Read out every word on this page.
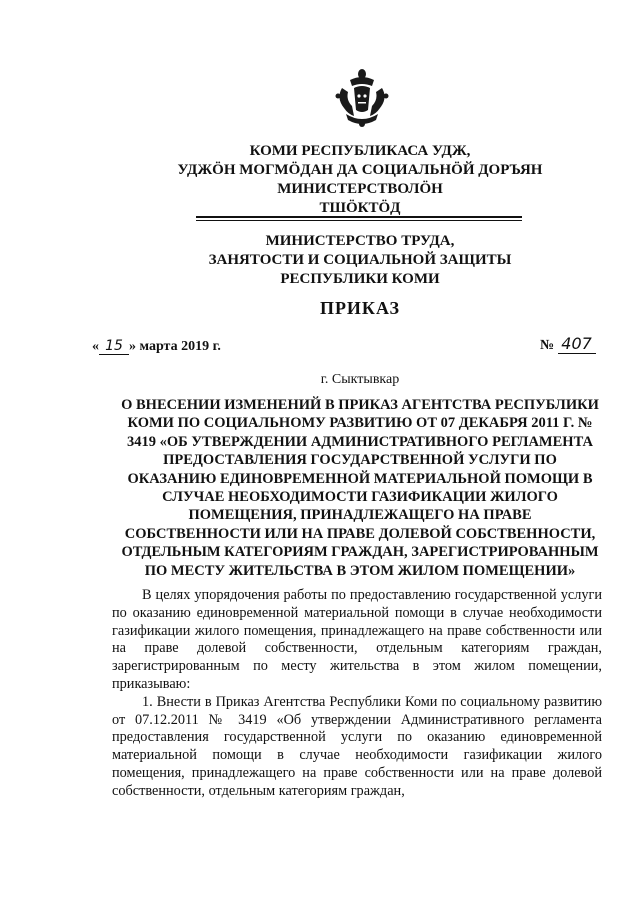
КОМИ РЕСПУБЛИКАСА УДЖ,
УДЖÖН МОГМÖДАН ДА СОЦИАЛЬНÖЙ ДОРЪЯН
МИНИСТЕРСТВОЛÖН
ТШÖКТÖД
МИНИСТЕРСТВО ТРУДА,
ЗАНЯТОСТИ И СОЦИАЛЬНОЙ ЗАЩИТЫ
РЕСПУБЛИКИ КОМИ
ПРИКАЗ
« 15 » марта 2019 г.	№ 407
г. Сыктывкар
О ВНЕСЕНИИ ИЗМЕНЕНИЙ В ПРИКАЗ АГЕНТСТВА РЕСПУБЛИКИ
КОМИ ПО СОЦИАЛЬНОМУ РАЗВИТИЮ ОТ 07 ДЕКАБРЯ 2011 Г. №
3419 «ОБ УТВЕРЖДЕНИИ АДМИНИСТРАТИВНОГО РЕГЛАМЕНТА
ПРЕДОСТАВЛЕНИЯ ГОСУДАРСТВЕННОЙ УСЛУГИ ПО
ОКАЗАНИЮ ЕДИНОВРЕМЕННОЙ МАТЕРИАЛЬНОЙ ПОМОЩИ В
СЛУЧАЕ НЕОБХОДИМОСТИ ГАЗИФИКАЦИИ ЖИЛОГО
ПОМЕЩЕНИЯ, ПРИНАДЛЕЖАЩЕГО НА ПРАВЕ
СОБСТВЕННОСТИ ИЛИ НА ПРАВЕ ДОЛЕВОЙ СОБСТВЕННОСТИ,
ОТДЕЛЬНЫМ КАТЕГОРИЯМ ГРАЖДАН, ЗАРЕГИСТРИРОВАННЫМ
ПО МЕСТУ ЖИТЕЛЬСТВА В ЭТОМ ЖИЛОМ ПОМЕЩЕНИИ»

В целях упорядочения работы по предоставлению государственной услуги по оказанию единовременной материальной помощи в случае необходимости газификации жилого помещения, принадлежащего на праве собственности или на праве долевой собственности, отдельным категориям граждан, зарегистрированным по месту жительства в этом жилом помещении, приказываю:

1. Внести в Приказ Агентства Республики Коми по социальному развитию от 07.12.2011 № 3419 «Об утверждении Административного регламента предоставления государственной услуги по оказанию единовременной материальной помощи в случае необходимости газификации жилого помещения, принадлежащего на праве собственности или на праве долевой собственности, отдельным категориям граждан,
